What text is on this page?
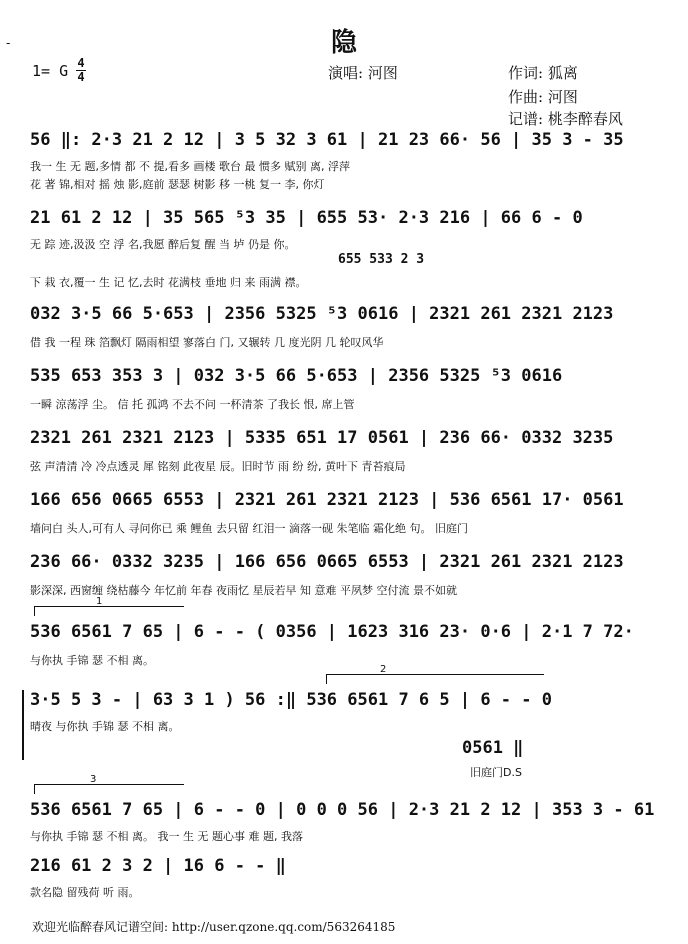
-	隐
1= G 4
4	演唱: 河图	作词: 狐离
作曲: 河图
记谱: 桃李醉春风
56 ‖: 2·3 21 2 12 | 3 5 32 3 61 | 21 23 66· 56 | 35 3 - 35
我一 生 无 题,多情 都 不 提,看多 画楼 歌台 最 惯多 赋别 离, 浮萍
花 著 锦,相对 摇 烛 影,庭前 瑟瑟 树影 移 一桃 复一 李, 你灯
21 61 2 12 | 35 565 ⁵3 35 | 655 53· 2·3 216 | 66 6 - 0
无 踪 迹,汲汲 空 浮 名,我愿 醉后复 醒 当 垆 仍是 你。
655 533 2 3
下 栽 衣,覆一 生 记 忆,去时 花满枝 垂地 归 来 雨满 襟。
032 3·5 66 5·653 | 2356 5325 ⁵3 0616 | 2321 261 2321 2123
借 我 一程 珠 箔飘灯 隔雨相望 寥落白 门, 又辗转 几 度光阴 几 轮叹风华
535 653 353 3 | 032 3·5 66 5·653 | 2356 5325 ⁵3 0616
一瞬 涼荡浮 尘。 信 托 孤鸿 不去不问 一杯清茶 了我长 恨, 席上管
2321 261 2321 2123 | 5335 651 17 0561 | 236 66· 0332 3235
弦 声清清 冷 冷点透灵 犀 铭刻 此夜星 辰。旧时节 雨 纷 纷, 黄叶下 青苔痕局
166 656 0665 6553 | 2321 261 2321 2123 | 536 6561 17· 0561
墙问白 头人,可有人 寻问你已 乘 鲤鱼 去只留 红泪一 滴落一砚 朱笔临 霜化绝 句。 旧庭门
236 66· 0332 3235 | 166 656 0665 6553 | 2321 261 2321 2123
影深深, 西窗缠 绕枯藤今 年忆前 年春 夜雨忆 星辰若早 知 意难 平夙梦 空付流 景不如就
1
536 6561 7 65 | 6 - - ( 0356 | 1623 316 23· 0·6 | 2·1 7 72·
与你执 手锦 瑟 不相 离。
2
3·5 5 3 - | 63 3 1 ) 56 :‖ 536 6561 7 6 5 | 6 - - 0
晴夜 与你执 手锦 瑟 不相 离。
0561 ‖
旧庭门D.S
3
536 6561 7 65 | 6 - - 0 | 0 0 0 56 | 2·3 21 2 12 | 353 3 - 61
与你执 手锦 瑟 不相 离。 我一 生 无 题心事 难 题, 我落
216 61 2 3 2 | 16 6 - - ‖
款名隐 留残荷 听 雨。
欢迎光临醉春风记谱空间: http://user.qzone.qq.com/563264185
